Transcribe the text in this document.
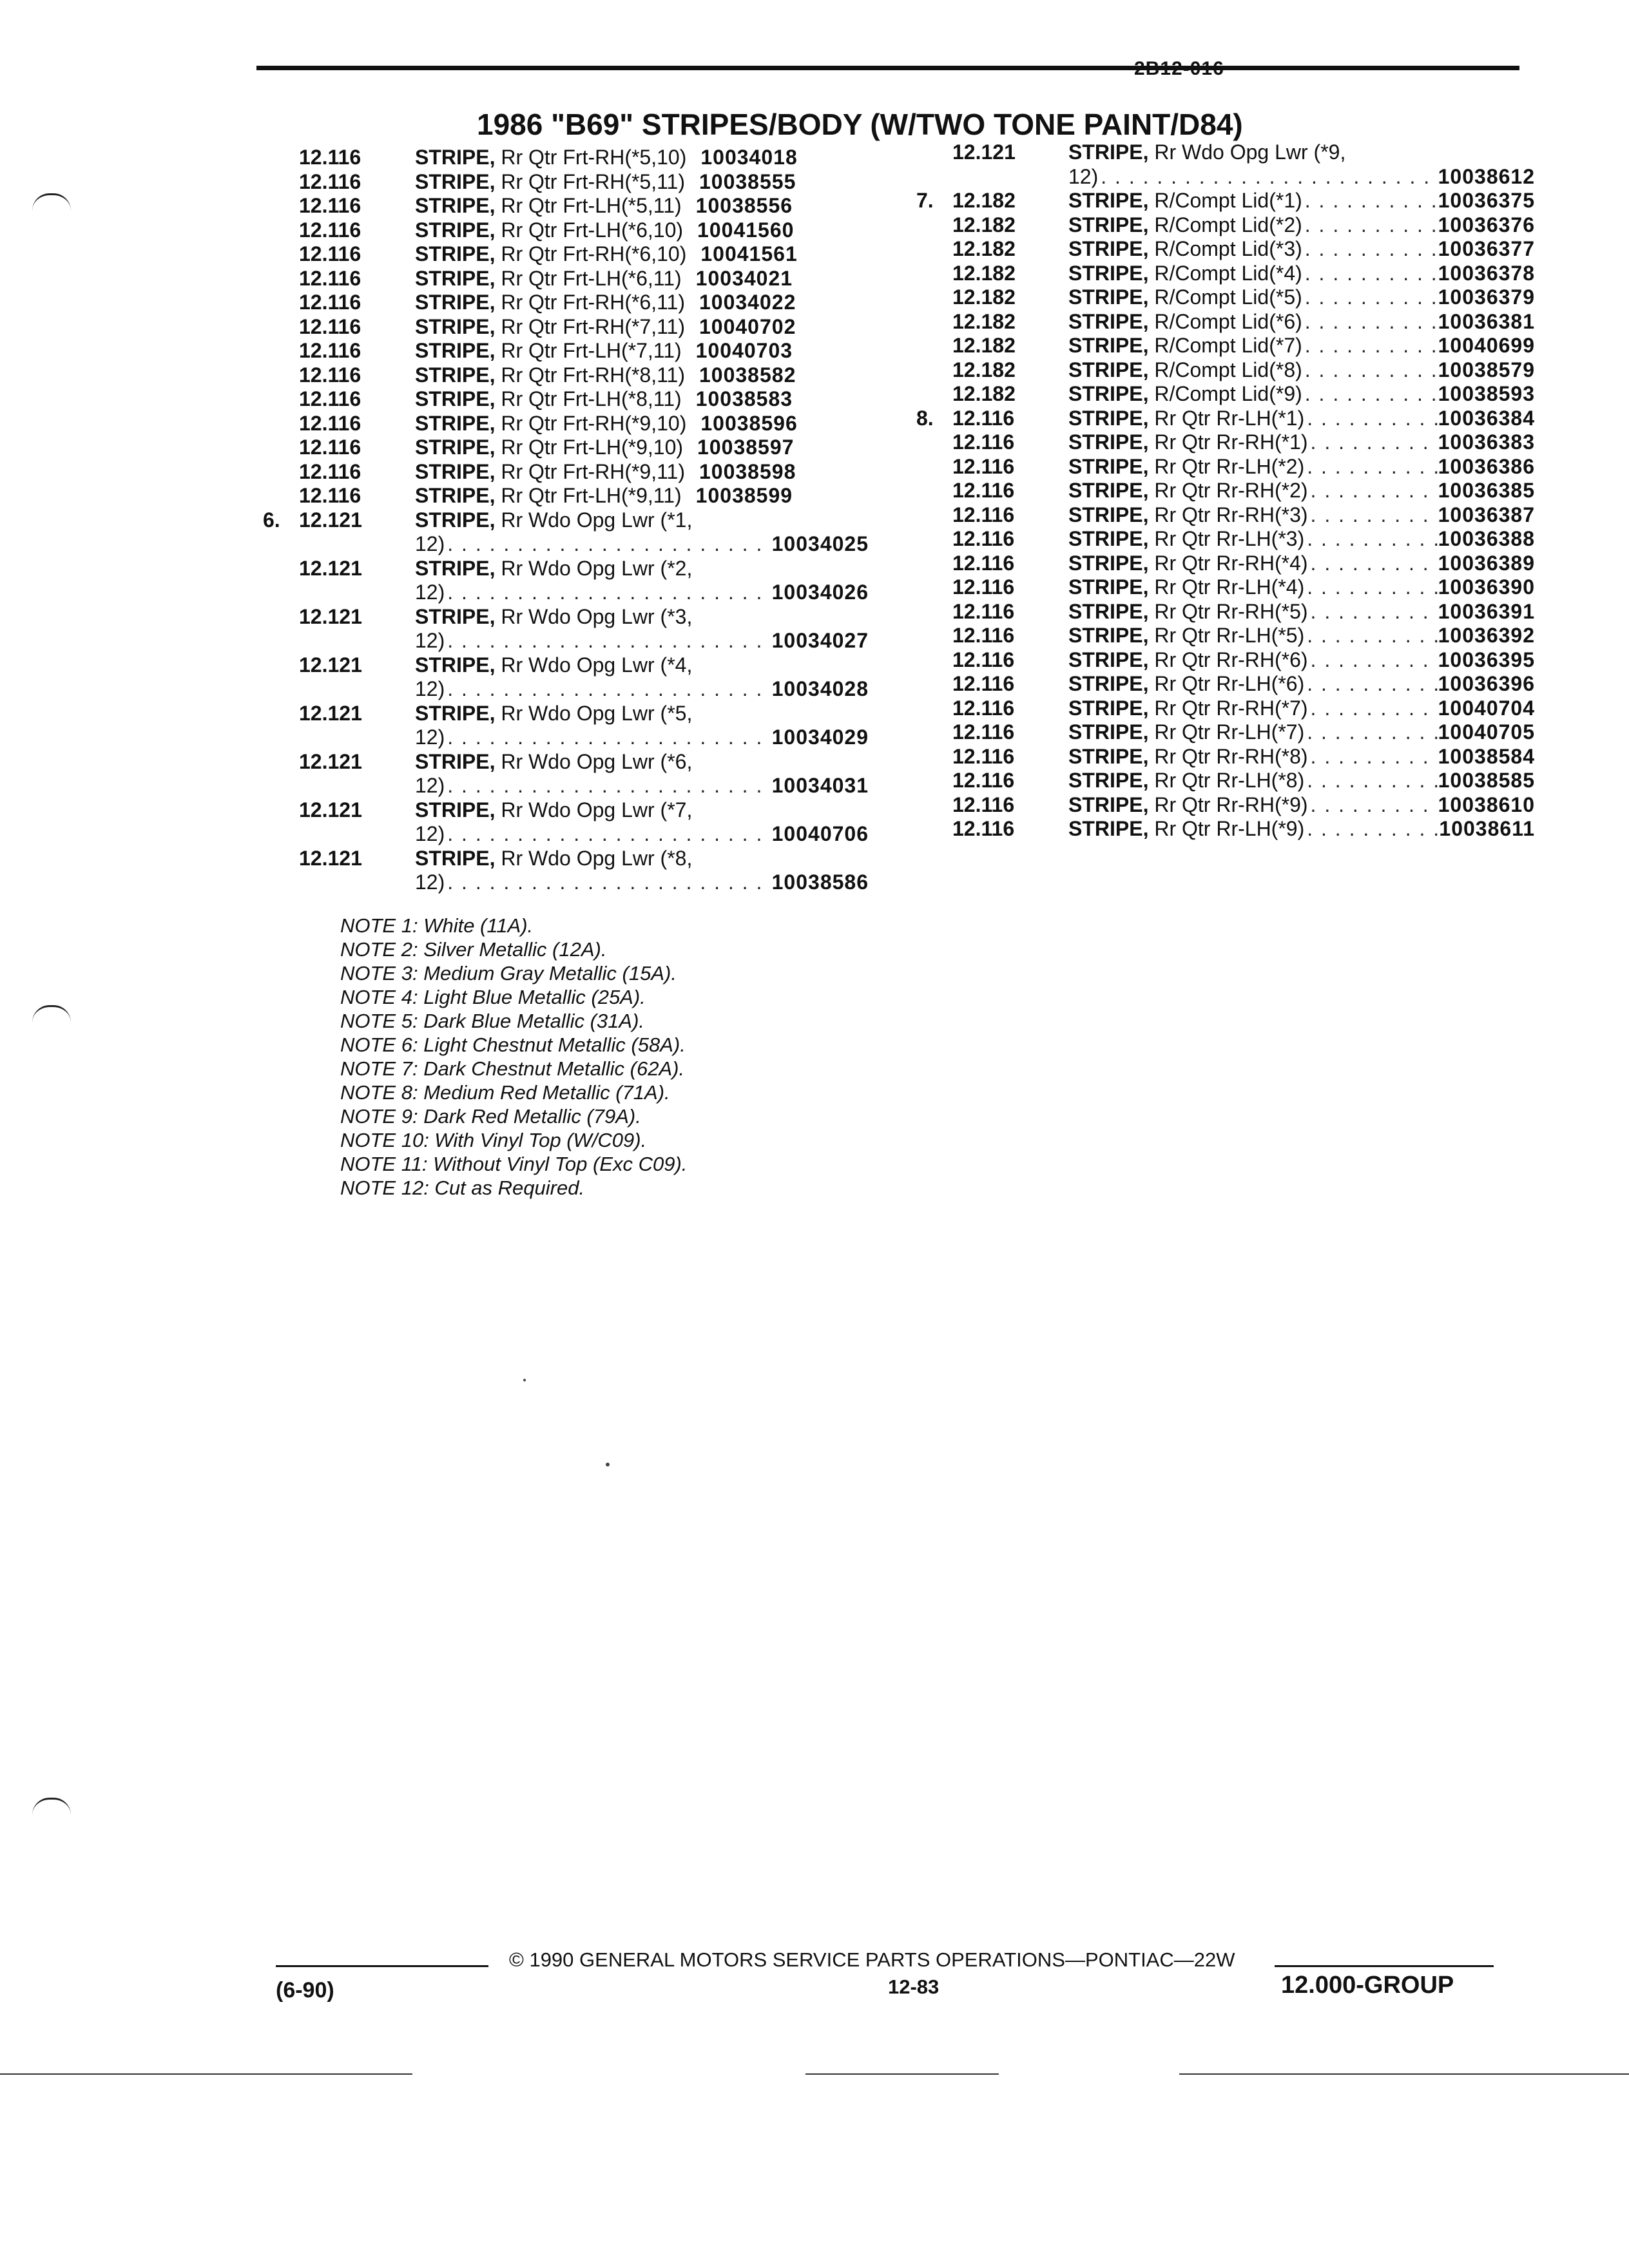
2B12-016
1986 "B69" STRIPES/BODY (W/TWO TONE PAINT/D84)
12.116	STRIPE, Rr Qtr Frt-RH(*5,10) 10034018
12.116	STRIPE, Rr Qtr Frt-RH(*5,11) 10038555
12.116	STRIPE, Rr Qtr Frt-LH(*5,11) 10038556
12.116	STRIPE, Rr Qtr Frt-LH(*6,10) 10041560
12.116	STRIPE, Rr Qtr Frt-RH(*6,10) 10041561
12.116	STRIPE, Rr Qtr Frt-LH(*6,11) 10034021
12.116	STRIPE, Rr Qtr Frt-RH(*6,11) 10034022
12.116	STRIPE, Rr Qtr Frt-RH(*7,11) 10040702
12.116	STRIPE, Rr Qtr Frt-LH(*7,11) 10040703
12.116	STRIPE, Rr Qtr Frt-RH(*8,11) 10038582
12.116	STRIPE, Rr Qtr Frt-LH(*8,11) 10038583
12.116	STRIPE, Rr Qtr Frt-RH(*9,10) 10038596
12.116	STRIPE, Rr Qtr Frt-LH(*9,10) 10038597
12.116	STRIPE, Rr Qtr Frt-RH(*9,11) 10038598
12.116	STRIPE, Rr Qtr Frt-LH(*9,11) 10038599
6. 12.121	STRIPE, Rr Wdo Opg Lwr (*1,
12) . . .	10034025
12.121	STRIPE, Rr Wdo Opg Lwr (*2,
12) . . .	10034026
12.121	STRIPE, Rr Wdo Opg Lwr (*3,
12) . . .	10034027
12.121	STRIPE, Rr Wdo Opg Lwr (*4,
12) . . .	10034028
12.121	STRIPE, Rr Wdo Opg Lwr (*5,
12) . . .	10034029
12.121	STRIPE, Rr Wdo Opg Lwr (*6,
12) . . .	10034031
12.121	STRIPE, Rr Wdo Opg Lwr (*7,
12) . . .	10040706
12.121	STRIPE, Rr Wdo Opg Lwr (*8,
12) . . .	10038586
12.121	STRIPE, Rr Wdo Opg Lwr (*9,
12) . . .	10038612
7. 12.182	STRIPE, R/Compt Lid(*1) . . .	10036375
12.182	STRIPE, R/Compt Lid(*2) . . .	10036376
12.182	STRIPE, R/Compt Lid(*3) . . .	10036377
12.182	STRIPE, R/Compt Lid(*4) . . .	10036378
12.182	STRIPE, R/Compt Lid(*5) . . .	10036379
12.182	STRIPE, R/Compt Lid(*6) . . .	10036381
12.182	STRIPE, R/Compt Lid(*7) . . .	10040699
12.182	STRIPE, R/Compt Lid(*8) . . .	10038579
12.182	STRIPE, R/Compt Lid(*9) . . .	10038593
8. 12.116	STRIPE, Rr Qtr Rr-LH(*1) . . .	10036384
12.116	STRIPE, Rr Qtr Rr-RH(*1) . . .	10036383
12.116	STRIPE, Rr Qtr Rr-LH(*2) . . .	10036386
12.116	STRIPE, Rr Qtr Rr-RH(*2) . . .	10036385
12.116	STRIPE, Rr Qtr Rr-RH(*3) . . .	10036387
12.116	STRIPE, Rr Qtr Rr-LH(*3) . . .	10036388
12.116	STRIPE, Rr Qtr Rr-RH(*4) . . .	10036389
12.116	STRIPE, Rr Qtr Rr-LH(*4) . . .	10036390
12.116	STRIPE, Rr Qtr Rr-RH(*5) . . .	10036391
12.116	STRIPE, Rr Qtr Rr-LH(*5) . . .	10036392
12.116	STRIPE, Rr Qtr Rr-RH(*6) . . .	10036395
12.116	STRIPE, Rr Qtr Rr-LH(*6) . . .	10036396
12.116	STRIPE, Rr Qtr Rr-RH(*7) . . .	10040704
12.116	STRIPE, Rr Qtr Rr-LH(*7) . . .	10040705
12.116	STRIPE, Rr Qtr Rr-RH(*8) . . .	10038584
12.116	STRIPE, Rr Qtr Rr-LH(*8) . . .	10038585
12.116	STRIPE, Rr Qtr Rr-RH(*9) . . .	10038610
12.116	STRIPE, Rr Qtr Rr-LH(*9) . . .	10038611
NOTE 1: White (11A).
NOTE 2: Silver Metallic (12A).
NOTE 3: Medium Gray Metallic (15A).
NOTE 4: Light Blue Metallic (25A).
NOTE 5: Dark Blue Metallic (31A).
NOTE 6: Light Chestnut Metallic (58A).
NOTE 7: Dark Chestnut Metallic (62A).
NOTE 8: Medium Red Metallic (71A).
NOTE 9: Dark Red Metallic (79A).
NOTE 10: With Vinyl Top (W/C09).
NOTE 11: Without Vinyl Top (Exc C09).
NOTE 12: Cut as Required.
© 1990 GENERAL MOTORS SERVICE PARTS OPERATIONS—PONTIAC—22W
(6-90)	12-83	12.000-GROUP
